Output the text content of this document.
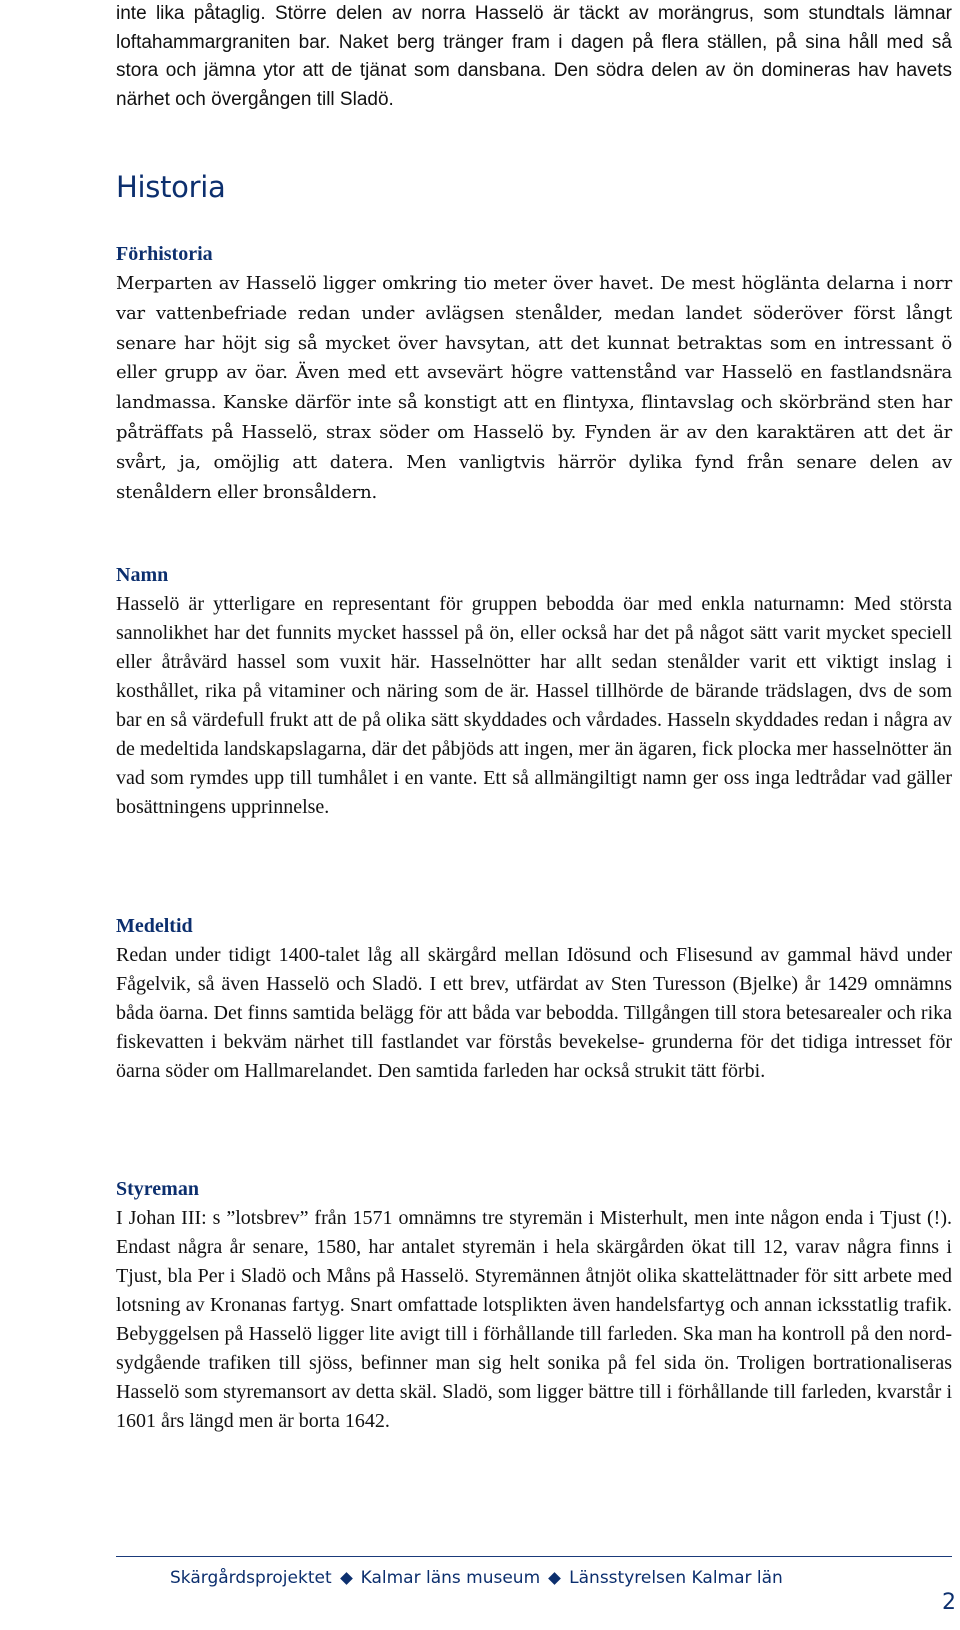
inte lika påtaglig. Större delen av norra Hasselö är täckt av morängrus, som stundtals lämnar loftahammargraniten bar. Naket berg tränger fram i dagen på flera ställen, på sina håll med så stora och jämna ytor att de tjänat som dansbana. Den södra delen av ön domineras hav havets närhet och övergången till Sladö.

Historia
Förhistoria

Merparten av Hasselö ligger omkring tio meter över havet. De mest höglänta delarna i norr var vattenbefriade redan under avlägsen stenålder, medan landet söderöver först långt senare har höjt sig så mycket över havsytan, att det kunnat betraktas som en intressant ö eller grupp av öar. Även med ett avsevärt högre vattenstånd var Hasselö en fastlandsnära landmassa. Kanske därför inte så konstigt att en flintyxa, flintavslag och skörbränd sten har påträffats på Hasselö, strax söder om Hasselö by. Fynden är av den karaktären att det är svårt, ja, omöjlig att datera. Men vanligtvis härrör dylika fynd från senare delen av stenåldern eller bronsåldern.

Namn

Hasselö är ytterligare en representant för gruppen bebodda öar med enkla naturnamn: Med största sannolikhet har det funnits mycket hasssel på ön, eller också har det på något sätt varit mycket speciell eller åtråvärd hassel som vuxit här. Hasselnötter har allt sedan stenålder varit ett viktigt inslag i kosthållet, rika på vitaminer och näring som de är. Hassel tillhörde de bärande trädslagen, dvs de som bar en så värdefull frukt att de på olika sätt skyddades och vårdades. Hasseln skyddades redan i några av de medeltida landskapslagarna, där det påbjöds att ingen, mer än ägaren, fick plocka mer hasselnötter än vad som rymdes upp till tumhålet i en vante. Ett så allmängiltigt namn ger oss inga ledtrådar vad gäller bosättningens upprinnelse.

Medeltid

Redan under tidigt 1400-talet låg all skärgård mellan Idösund och Flisesund av gammal hävd under Fågelvik, så även Hasselö och Sladö. I ett brev, utfärdat av Sten Turesson (Bjelke) år 1429 omnämns båda öarna. Det finns samtida belägg för att båda var bebodda. Tillgången till stora betesarealer och rika fiskevatten i bekväm närhet till fastlandet var förstås bevekelse- grunderna för det tidiga intresset för öarna söder om Hallmarelandet. Den samtida farleden har också strukit tätt förbi.

Styreman

I Johan III: s ”lotsbrev” från 1571 omnämns tre styremän i Misterhult, men inte någon enda i Tjust (!). Endast några år senare, 1580, har antalet styremän i hela skärgården ökat till 12, varav några finns i Tjust, bla Per i Sladö och Måns på Hasselö. Styremännen åtnjöt olika skattelättnader för sitt arbete med lotsning av Kronanas fartyg. Snart omfattade lotsplikten även handelsfartyg och annan icksstatlig trafik. Bebyggelsen på Hasselö ligger lite avigt till i förhållande till farleden. Ska man ha kontroll på den nord-sydgående trafiken till sjöss, befinner man sig helt sonika på fel sida ön. Troligen bortrationaliseras Hasselö som styremansort av detta skäl. Sladö, som ligger bättre till i förhållande till farleden, kvarstår i 1601 års längd men är borta 1642.

Skärgårdsprojektet Kalmar läns museum Länsstyrelsen Kalmar län
2
